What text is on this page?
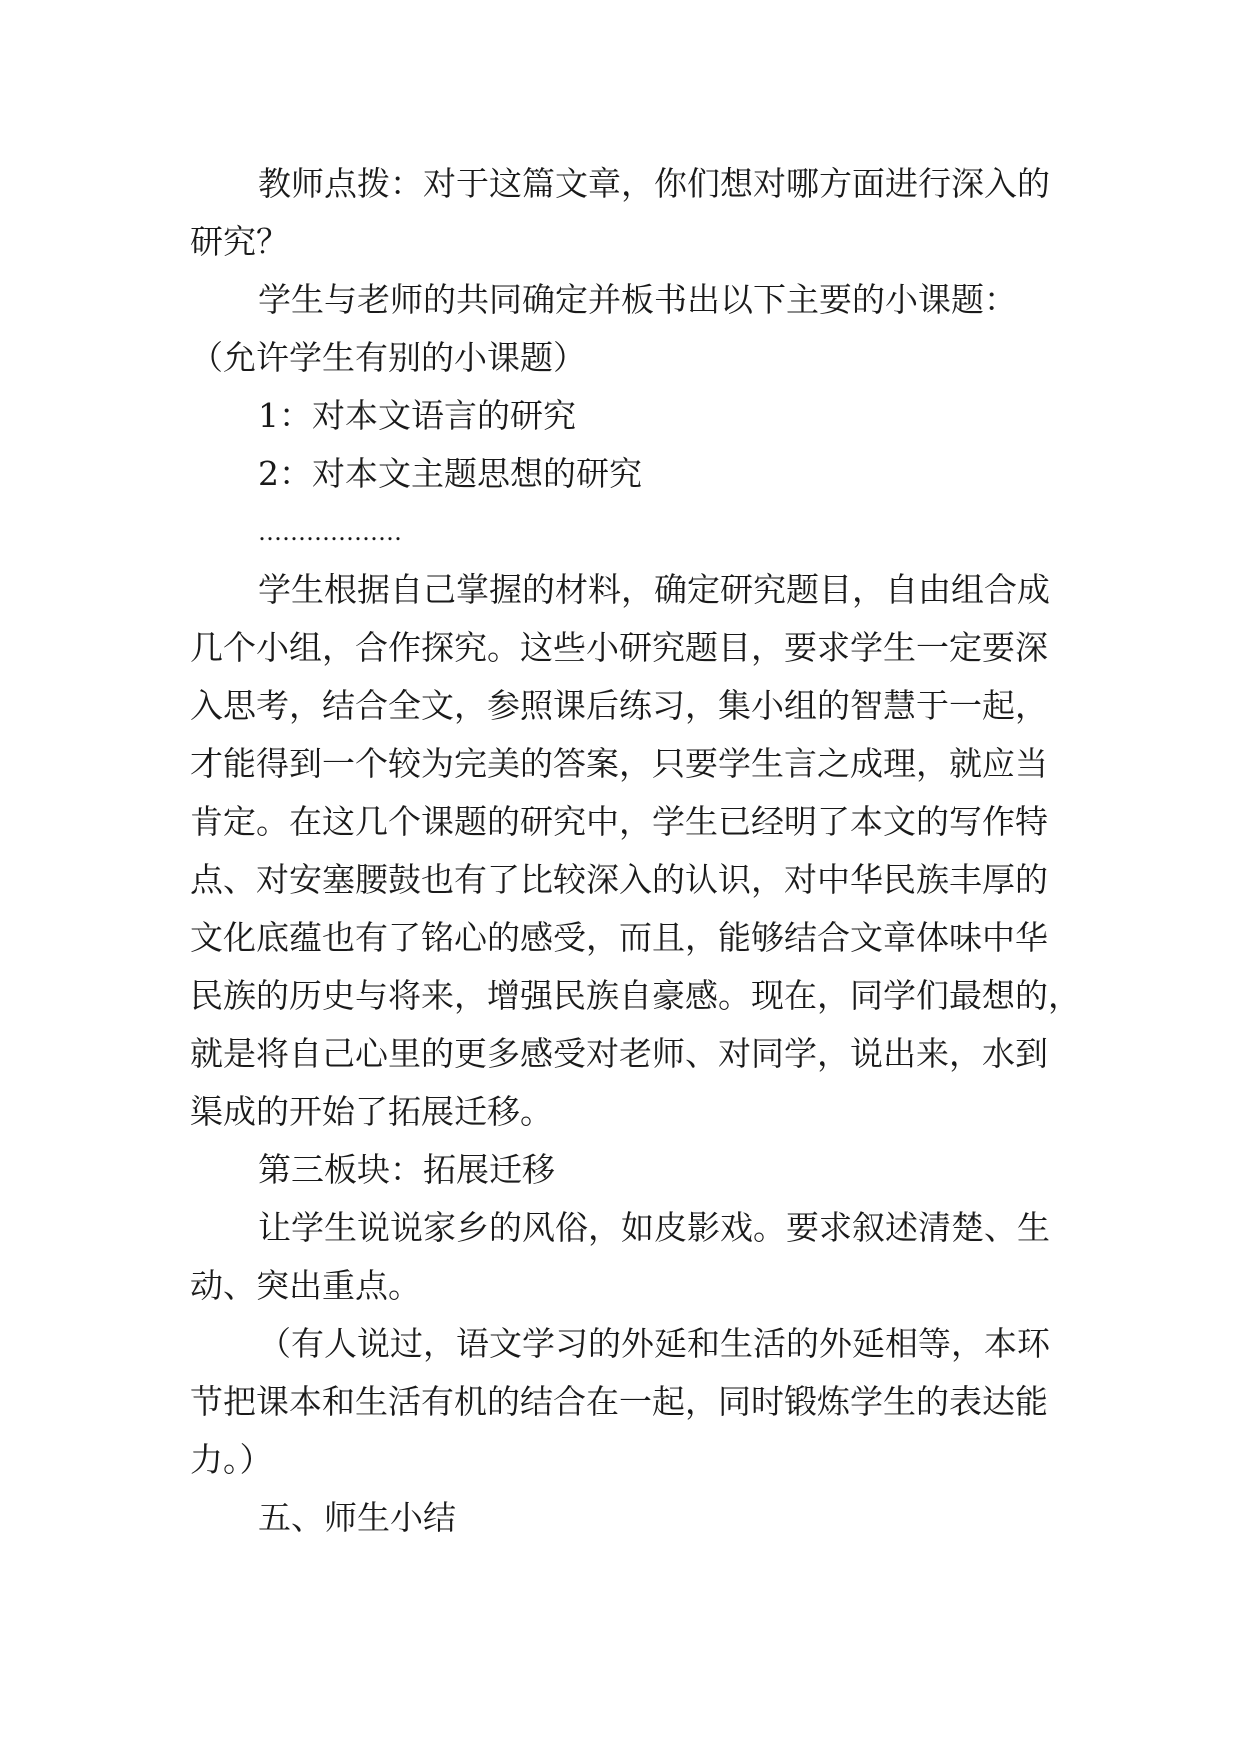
教师点拨：对于这篇文章，你们想对哪方面进行深入的
研究？
学生与老师的共同确定并板书出以下主要的小课题：
（允许学生有别的小课题）
1：对本文语言的研究
2：对本文主题思想的研究
………………
学生根据自己掌握的材料，确定研究题目，自由组合成
几个小组，合作探究。这些小研究题目，要求学生一定要深
入思考，结合全文，参照课后练习，集小组的智慧于一起，
才能得到一个较为完美的答案，只要学生言之成理，就应当
肯定。在这几个课题的研究中，学生已经明了本文的写作特
点、对安塞腰鼓也有了比较深入的认识，对中华民族丰厚的
文化底蕴也有了铭心的感受，而且，能够结合文章体味中华
民族的历史与将来，增强民族自豪感。现在，同学们最想的，
就是将自己心里的更多感受对老师、对同学，说出来，水到
渠成的开始了拓展迁移。
第三板块：拓展迁移
让学生说说家乡的风俗，如皮影戏。要求叙述清楚、生
动、突出重点。
（有人说过，语文学习的外延和生活的外延相等，本环
节把课本和生活有机的结合在一起，同时锻炼学生的表达能
力。）
五、师生小结
